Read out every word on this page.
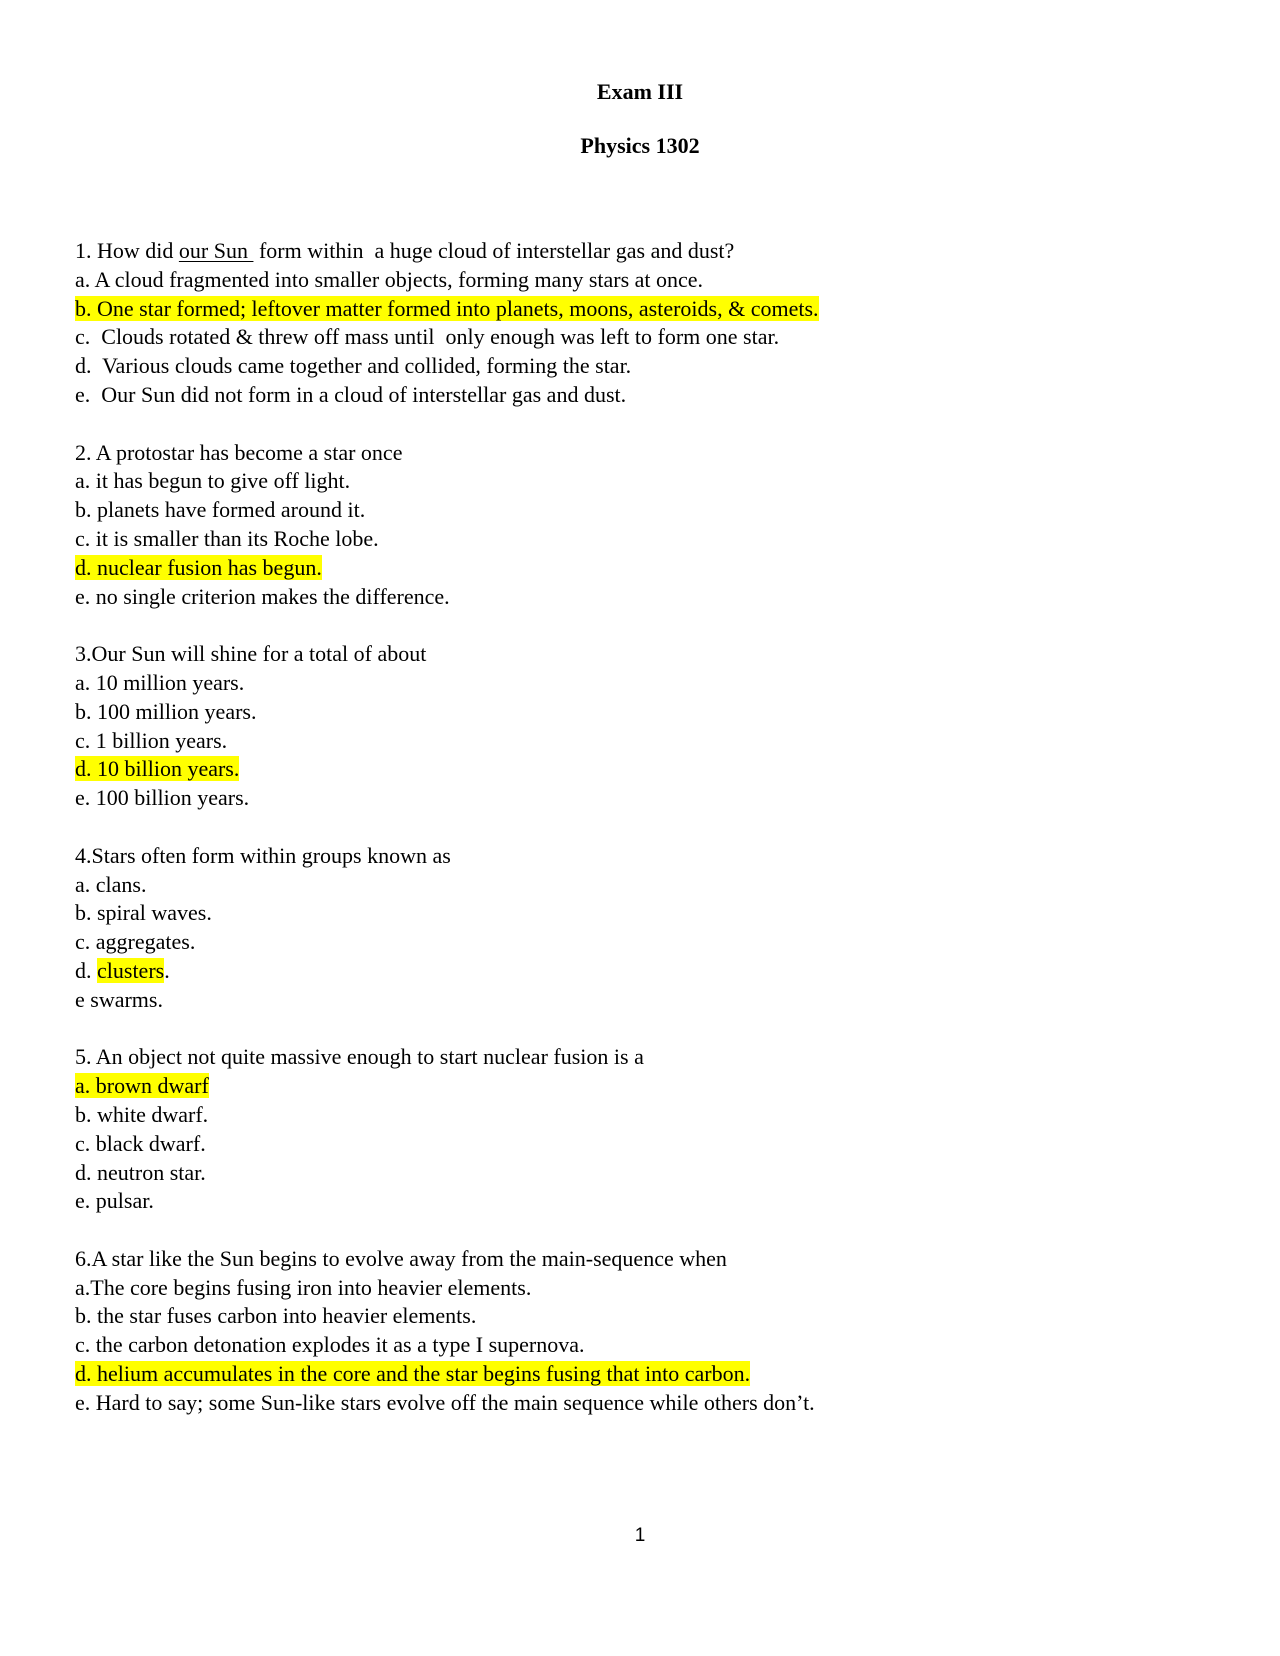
Exam III
Physics 1302
1. How did our Sun  form within  a huge cloud of interstellar gas and dust?
a. A cloud fragmented into smaller objects, forming many stars at once.
b. One star formed; leftover matter formed into planets, moons, asteroids, & comets.
c.  Clouds rotated & threw off mass until  only enough was left to form one star.
d.  Various clouds came together and collided, forming the star.
e.  Our Sun did not form in a cloud of interstellar gas and dust.
2. A protostar has become a star once
a. it has begun to give off light.
b. planets have formed around it.
c. it is smaller than its Roche lobe.
d. nuclear fusion has begun.
e. no single criterion makes the difference.
3.Our Sun will shine for a total of about
a. 10 million years.
b. 100 million years.
c. 1 billion years.
d. 10 billion years.
e. 100 billion years.
4.Stars often form within groups known as
a. clans.
b. spiral waves.
c. aggregates.
d. clusters.
e swarms.
5. An object not quite massive enough to start nuclear fusion is a
a. brown dwarf
b. white dwarf.
c. black dwarf.
d. neutron star.
e. pulsar.
6.A star like the Sun begins to evolve away from the main-sequence when
a.The core begins fusing iron into heavier elements.
b. the star fuses carbon into heavier elements.
c. the carbon detonation explodes it as a type I supernova.
d. helium accumulates in the core and the star begins fusing that into carbon.
e. Hard to say; some Sun-like stars evolve off the main sequence while others don’t.
1
